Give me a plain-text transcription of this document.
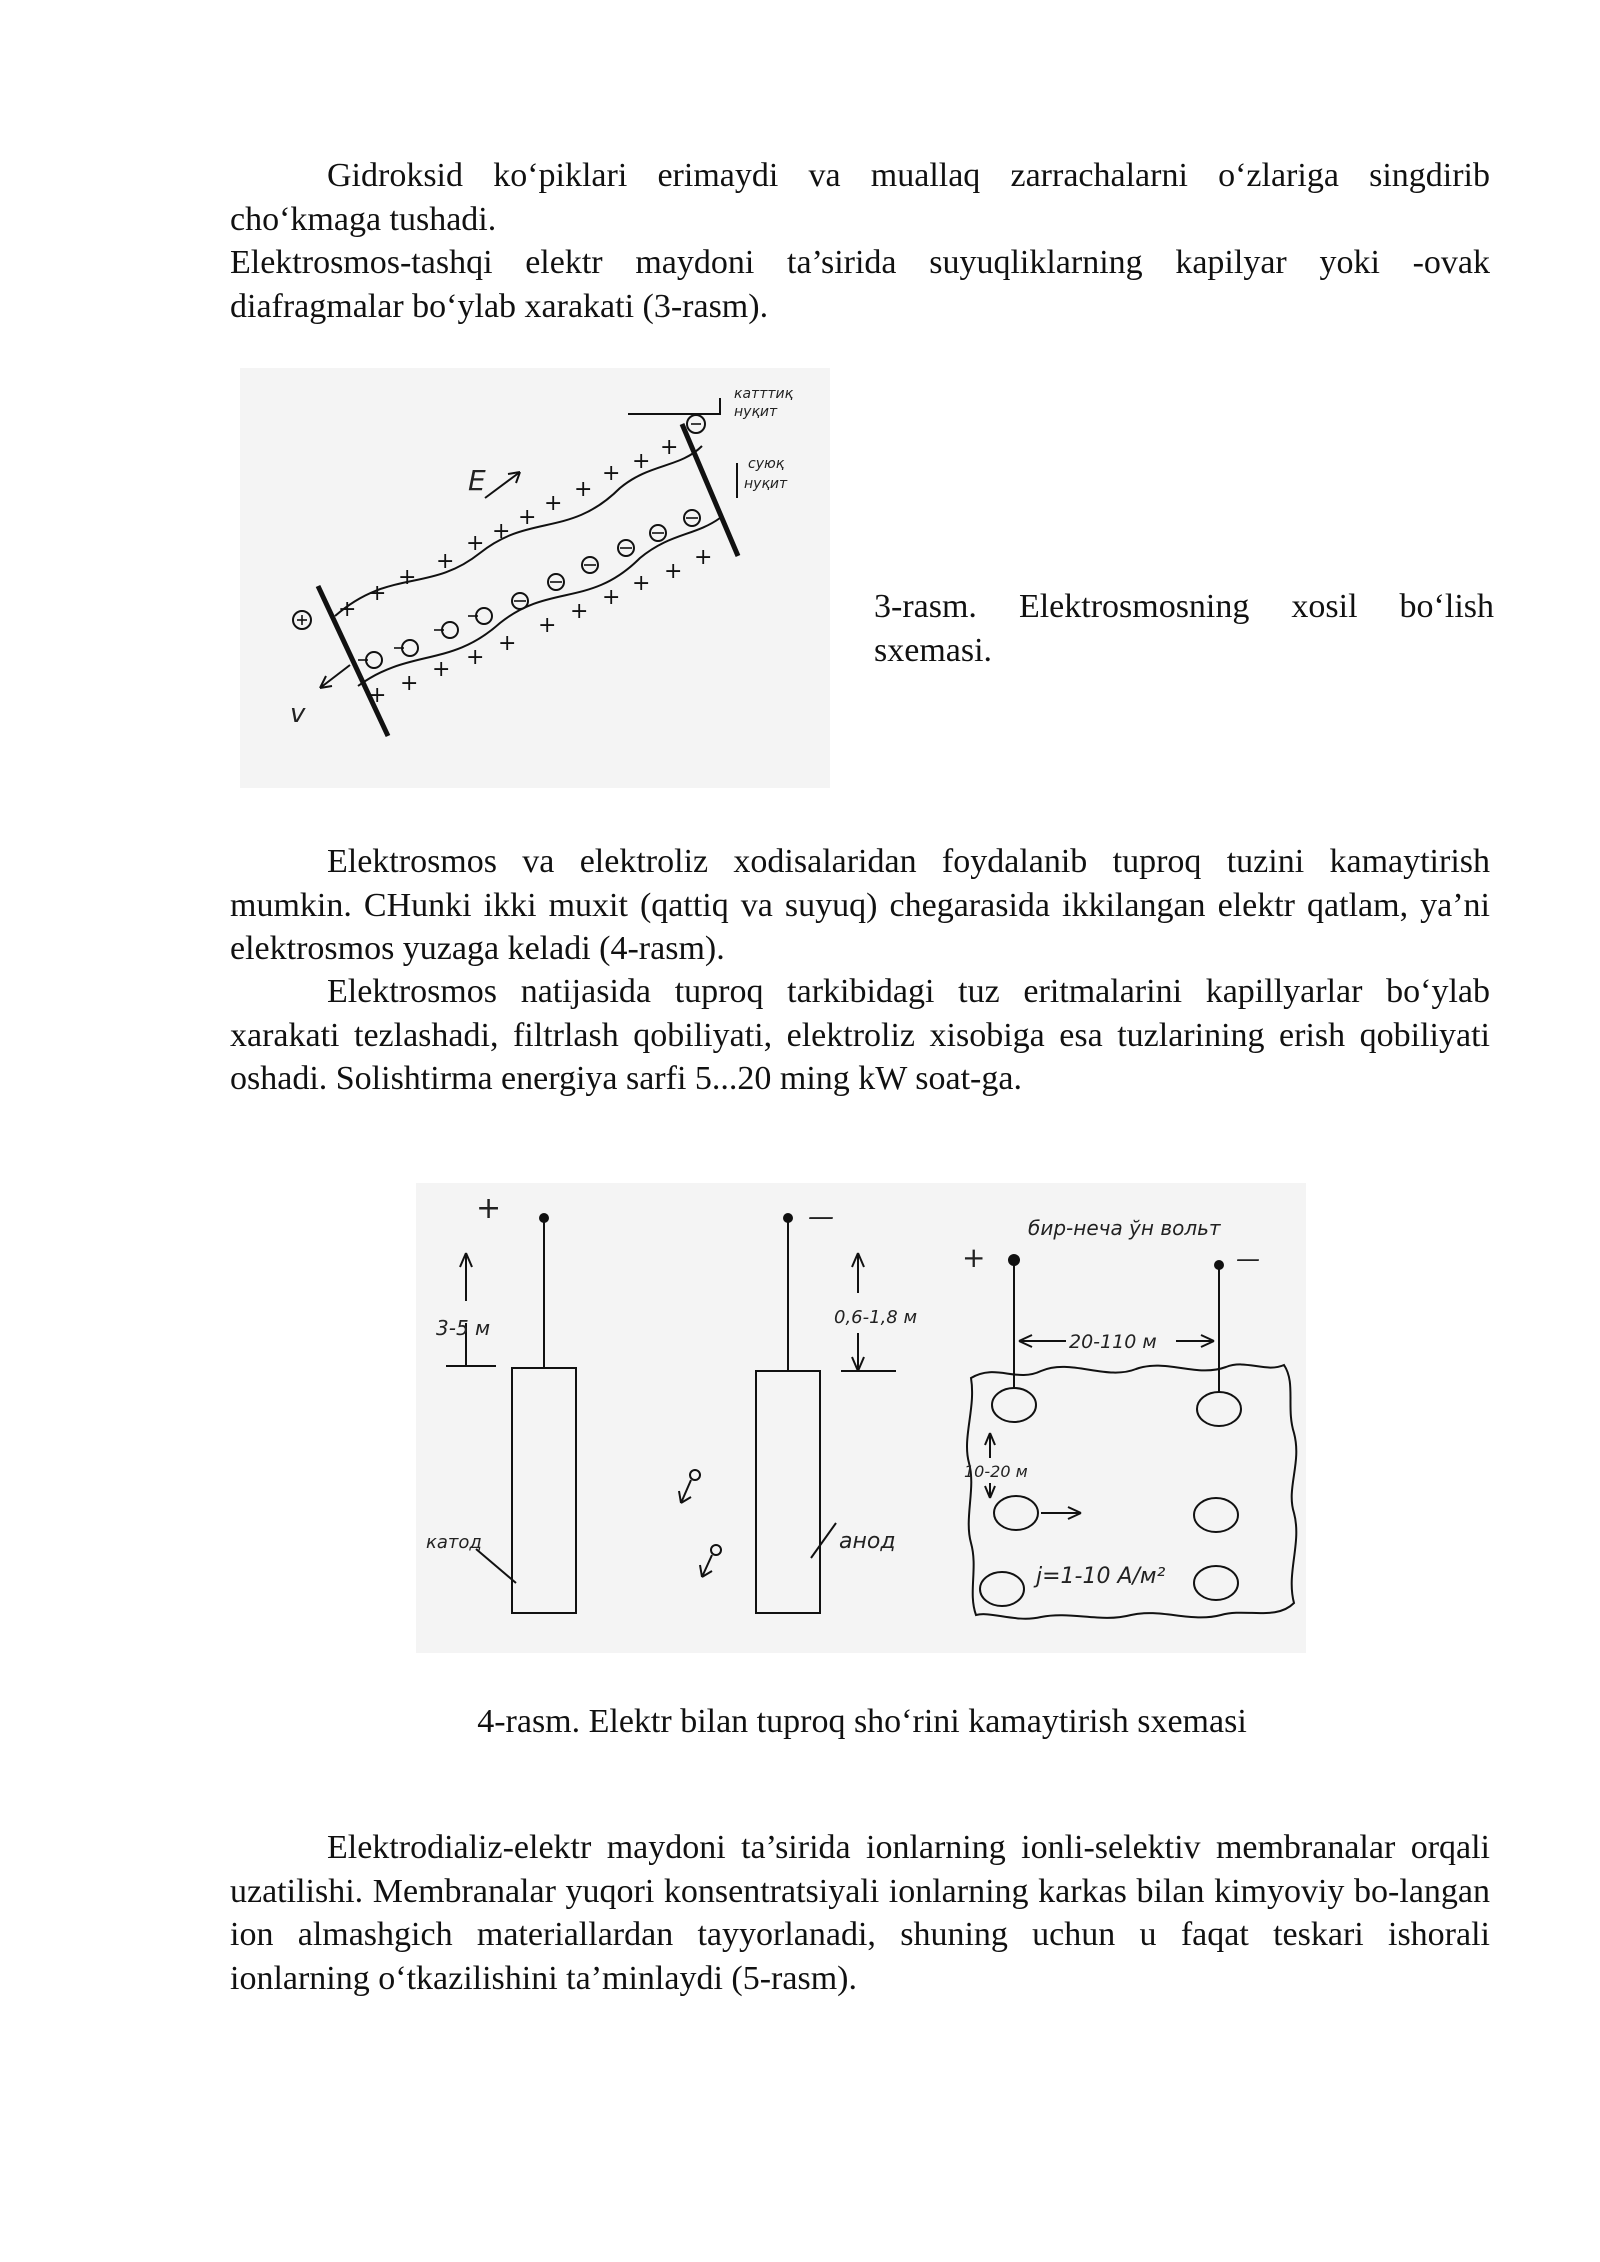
Gidroksid ko‘piklari erimaydi va muallaq zarrachalarni o‘zlariga singdirib cho‘kmaga tushadi.

Elektrosmos-tashqi elektr maydoni ta’sirida suyuqliklarning kapilyar yoki -ovak diafragmalar bo‘ylab xarakati (3-rasm).

+
+
+
+
+ +
+
+
+
+ +
+
+ +
+ +
+
+
+
+
+ +
+
E
v
катттиқ
нуқит
суюқ
нуқит

3-rasm. Elektrosmosning xosil bo‘lish sxemasi.

Elektrosmos va elektroliz xodisalaridan foydalanib tuproq tuzini kamaytirish mumkin. CHunki ikki muxit (qattiq va suyuq) chegarasida ikkilangan elektr qatlam, ya’ni elektrosmos yuzaga keladi (4-rasm).

Elektrosmos natijasida tuproq tarkibidagi tuz eritmalarini kapillyarlar bo‘ylab xarakati tezlashadi, filtrlash qobiliyati, elektroliz xisobiga esa tuzlarining erish qobiliyati oshadi. Solishtirma energiya sarfi 5...20 ming kW soat-ga.

+
3-5 м
катод
—
0,6-1,8 м
анод
+	—
бир-неча ўн вольт
20-110 м
10-20 м
j=1-10 А/м²

4-rasm. Elektr bilan tuproq sho‘rini kamaytirish sxemasi

Elektrodializ-elektr maydoni ta’sirida ionlarning ionli-selektiv membranalar orqali uzatilishi. Membranalar yuqori konsentratsiyali ionlarning karkas bilan kimyoviy bo-langan ion almashgich materiallardan tayyorlanadi, shuning uchun u faqat teskari ishorali ionlarning o‘tkazilishini ta’minlaydi (5-rasm).
